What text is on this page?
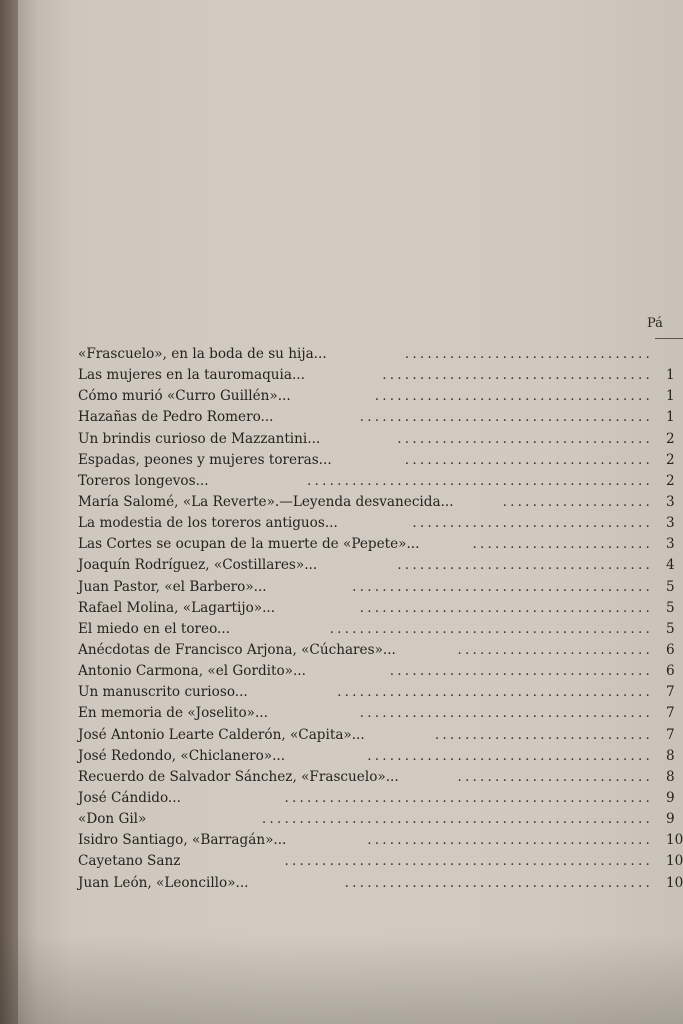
Pá
.................................
«Frascuelo», en la boda de su hija...
....................................
Las mujeres en la tauromaquia...	1
.....................................
Cómo murió «Curro Guillén»...	1
.......................................
Hazañas de Pedro Romero...	1
..................................
Un brindis curioso de Mazzantini...	2
.................................
Espadas, peones y mujeres toreras...	2
..............................................
Toreros longevos...	2
....................
María Salomé, «La Reverte».—Leyenda desvanecida...	3
................................
La modestia de los toreros antiguos...	3
........................
Las Cortes se ocupan de la muerte de «Pepete»...	3
..................................
Joaquín Rodríguez, «Costillares»...	4
........................................
Juan Pastor, «el Barbero»...	5
.......................................
Rafael Molina, «Lagartijo»...	5
...........................................
El miedo en el toreo...	5
..........................
Anécdotas de Francisco Arjona, «Cúchares»...	6
...................................
Antonio Carmona, «el Gordito»...	6
..........................................
Un manuscrito curioso...	7
.......................................
En memoria de «Joselito»...	7
.............................
José Antonio Learte Calderón, «Capita»...	7
......................................
José Redondo, «Chiclanero»...	8
..........................
Recuerdo de Salvador Sánchez, «Frascuelo»...	8
.................................................
José Cándido...	9
....................................................
«Don Gil»	9
......................................
Isidro Santiago, «Barragán»...	10
.................................................
Cayetano Sanz	10
.........................................
Juan León, «Leoncillo»...	10
